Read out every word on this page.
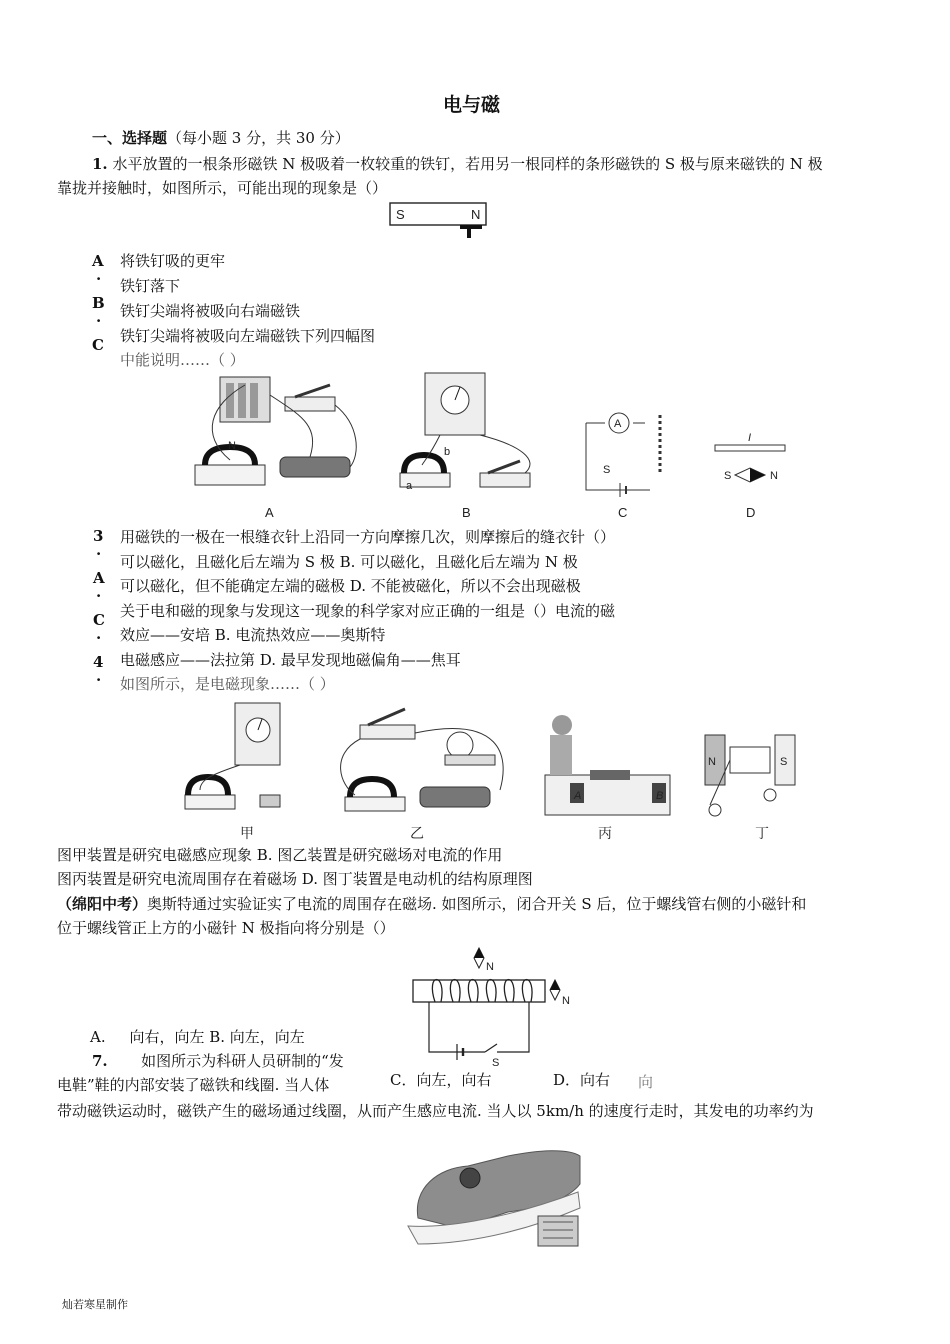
电与磁
一、选择题（每小题 3 分，共 30 分）
1. 水平放置的一根条形磁铁 N 极吸着一枚较重的铁钉，若用另一根同样的条形磁铁的 S 极与原来磁铁的 N 极
靠拢并接触时，如图所示，可能出现的现象是（）
S	N
A
·
B
·
C
将铁钉吸的更牢
铁钉落下
铁钉尖端将被吸向右端磁铁
铁钉尖端将被吸向左端磁铁下列四幅图
中能说明……（ ）
N
A
b
a
B
A
S
C
I
S	N
D
3
·
A
·
C
·
4
·
用磁铁的一极在一根缝衣针上沿同一方向摩擦几次，则摩擦后的缝衣针（）
可以磁化，且磁化后左端为 S 极 B. 可以磁化，且磁化后左端为 N 极
可以磁化，但不能确定左端的磁极 D. 不能被磁化，所以不会出现磁极
关于电和磁的现象与发现这一现象的科学家对应正确的一组是（）电流的磁
效应——安培 B. 电流热效应——奥斯特
电磁感应——法拉第 D. 最早发现地磁偏角——焦耳
如图所示，是电磁现象……（ ）
甲	乙
A	B
丙
N	S
丁
图甲装置是研究电磁感应现象 B. 图乙装置是研究磁场对电流的作用
图丙装置是研究电流周围存在着磁场 D. 图丁装置是电动机的结构原理图
（绵阳中考）奥斯特通过实验证实了电流的周围存在磁场. 如图所示，闭合开关 S 后，位于螺线管右侧的小磁针和
位于螺线管正上方的小磁针 N 极指向将分别是（）
N
N
S
A. 向右，向左 B. 向左，向左
C．向左，向右	D．向右 向
7. 如图所示为科研人员研制的“发
电鞋”鞋的内部安装了磁铁和线圈. 当人体
带动磁铁运动时，磁铁产生的磁场通过线圈，从而产生感应电流. 当人以 5km/h 的速度行走时，其发电的功率约为
灿若寒星制作
